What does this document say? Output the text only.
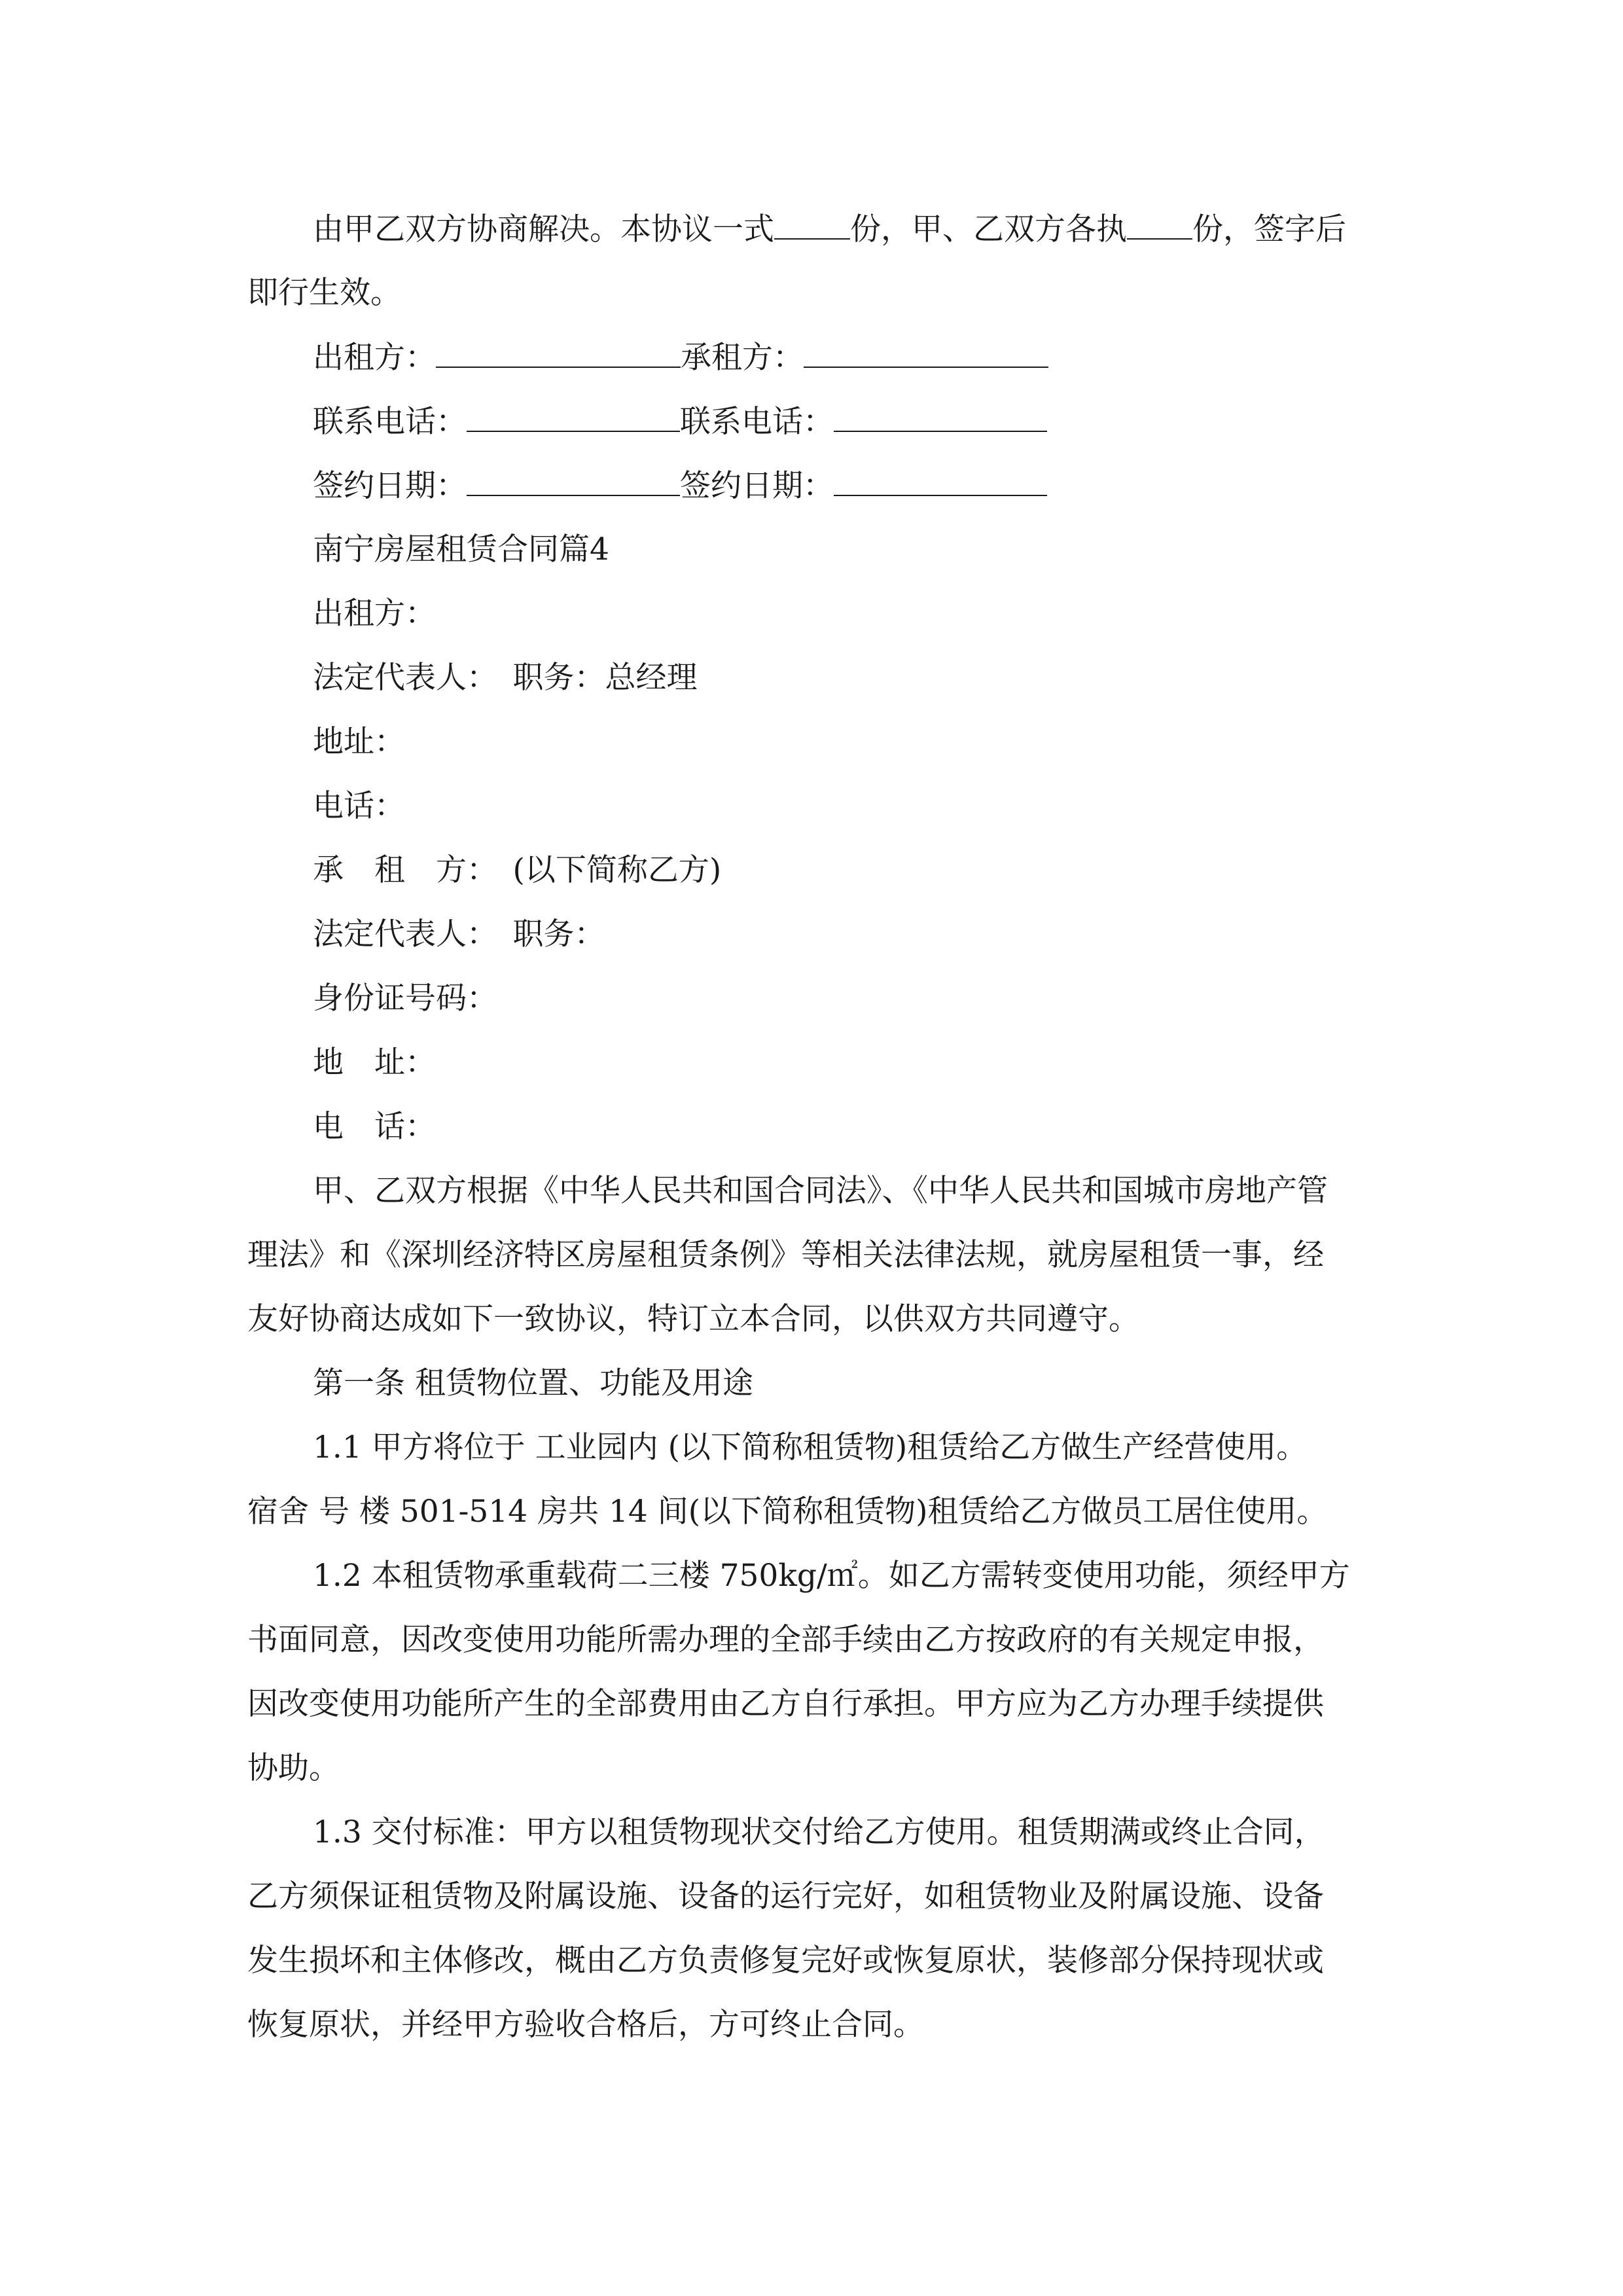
由甲乙双方协商解决。本协议一式 份，甲、乙双方各执 份，签字后
即行生效。
出租方：	承租方：
联系电话：	联系电话：
签约日期：	签约日期：
南宁房屋租赁合同篇4
出租方：
法定代表人：　职务：总经理
地址：
电话：
承　租　方：　(以下简称乙方)
法定代表人：　职务：
身份证号码：
地　址：
电　话：
甲、乙双方根据《中华人民共和国合同法》、《中华人民共和国城市房地产管
理法》和《深圳经济特区房屋租赁条例》等相关法律法规，就房屋租赁一事，经
友好协商达成如下一致协议，特订立本合同，以供双方共同遵守。
第一条 租赁物位置、功能及用途
1.1 甲方将位于 工业园内 (以下简称租赁物)租赁给乙方做生产经营使用。
宿舍 号 楼 501-514 房共 14 间(以下简称租赁物)租赁给乙方做员工居住使用。
1.2 本租赁物承重载荷二三楼 750kg/㎡。如乙方需转变使用功能，须经甲方
书面同意，因改变使用功能所需办理的全部手续由乙方按政府的有关规定申报，
因改变使用功能所产生的全部费用由乙方自行承担。甲方应为乙方办理手续提供
协助。
1.3 交付标准：甲方以租赁物现状交付给乙方使用。租赁期满或终止合同，
乙方须保证租赁物及附属设施、设备的运行完好，如租赁物业及附属设施、设备
发生损坏和主体修改，概由乙方负责修复完好或恢复原状，装修部分保持现状或
恢复原状，并经甲方验收合格后，方可终止合同。
